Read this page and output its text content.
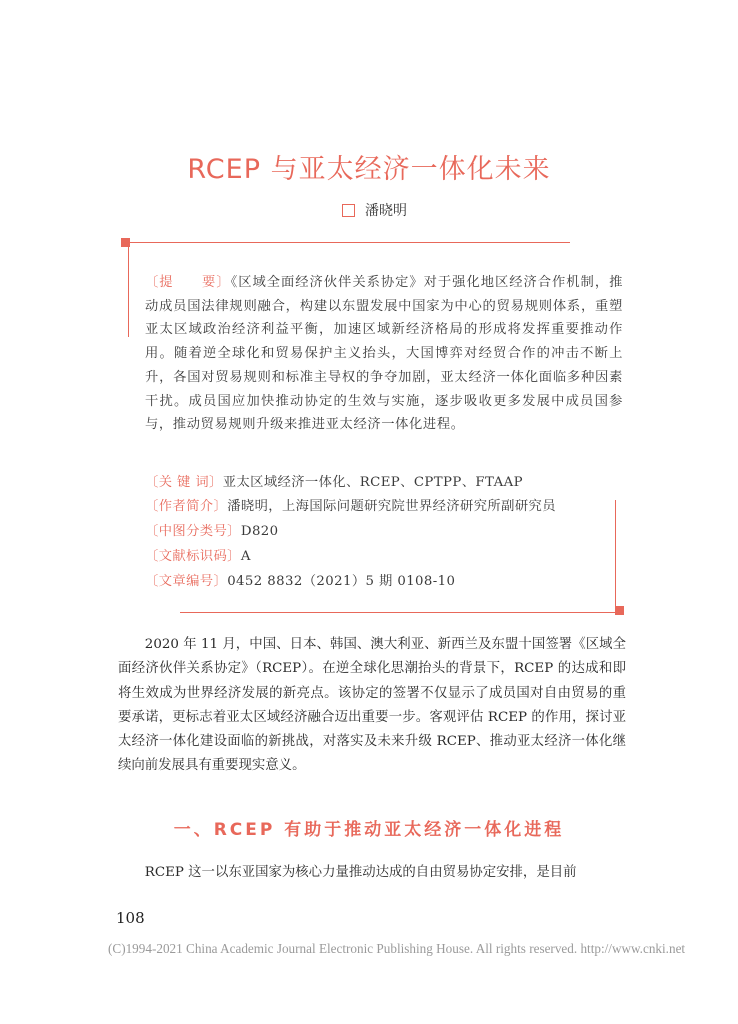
RCEP 与亚太经济一体化未来
潘晓明
〔提　　要〕《区域全面经济伙伴关系协定》对于强化地区经济合作机制，推动成员国法律规则融合，构建以东盟发展中国家为中心的贸易规则体系，重塑亚太区域政治经济利益平衡，加速区域新经济格局的形成将发挥重要推动作用。随着逆全球化和贸易保护主义抬头，大国博弈对经贸合作的冲击不断上升，各国对贸易规则和标准主导权的争夺加剧，亚太经济一体化面临多种因素干扰。成员国应加快推动协定的生效与实施，逐步吸收更多发展中成员国参与，推动贸易规则升级来推进亚太经济一体化进程。
〔关 键 词〕亚太区域经济一体化、RCEP、CPTPP、FTAAP
〔作者简介〕潘晓明，上海国际问题研究院世界经济研究所副研究员
〔中图分类号〕D820
〔文献标识码〕A
〔文章编号〕0452 8832（2021）5 期 0108-10
2020 年 11 月，中国、日本、韩国、澳大利亚、新西兰及东盟十国签署《区域全面经济伙伴关系协定》（RCEP）。在逆全球化思潮抬头的背景下，RCEP 的达成和即将生效成为世界经济发展的新亮点。该协定的签署不仅显示了成员国对自由贸易的重要承诺，更标志着亚太区域经济融合迈出重要一步。客观评估 RCEP 的作用，探讨亚太经济一体化建设面临的新挑战，对落实及未来升级 RCEP、推动亚太经济一体化继续向前发展具有重要现实意义。
一、RCEP 有助于推动亚太经济一体化进程
RCEP 这一以东亚国家为核心力量推动达成的自由贸易协定安排，是目前
108
(C)1994-2021 China Academic Journal Electronic Publishing House. All rights reserved. http://www.cnki.net
